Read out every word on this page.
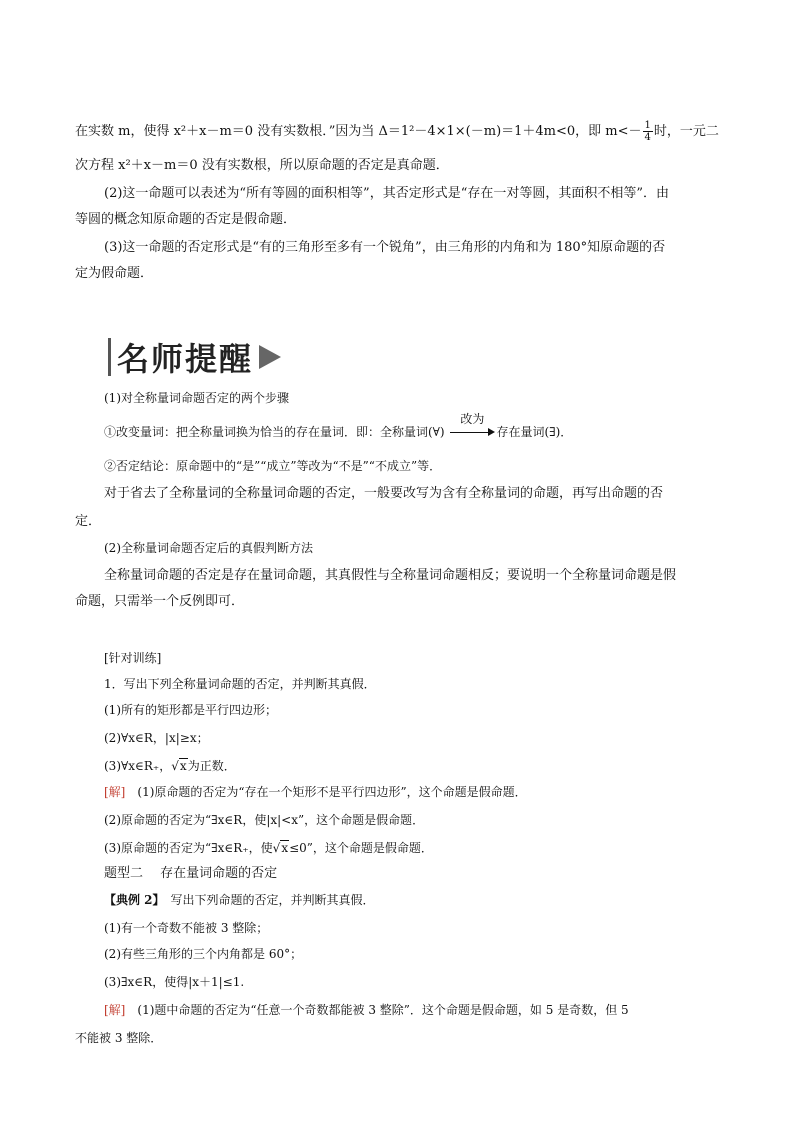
在实数 m，使得 x²＋x－m＝0 没有实数根．”因为当 Δ＝1²－4×1×(－m)＝1＋4m<0，即 $m<- \frac{1}{4}$ 时，一元二
次方程 x²＋x－m＝0 没有实数根，所以原命题的否定是真命题．
(2)这一命题可以表述为“所有等圆的面积相等”，其否定形式是“存在一对等圆，其面积不相等”．由
等圆的概念知原命题的否定是假命题．
(3)这一命题的否定形式是“有的三角形至多有一个锐角”，由三角形的内角和为 180°知原命题的否
定为假命题．
名师提醒
(1)对全称量词命题否定的两个步骤
①改变量词：把全称量词换为恰当的存在量词．即：全称量词(∀)
改为
存在量词(∃)．
②否定结论：原命题中的“是”“成立”等改为“不是”“不成立”等．
对于省去了全称量词的全称量词命题的否定，一般要改写为含有全称量词的命题，再写出命题的否
定．
(2)全称量词命题否定后的真假判断方法
全称量词命题的否定是存在量词命题，其真假性与全称量词命题相反；要说明一个全称量词命题是假
命题，只需举一个反例即可．
[针对训练]
1．写出下列全称量词命题的否定，并判断其真假．
(1)所有的矩形都是平行四边形；
(2)∀x∈R，|x|≥x；
(3)∀x∈R₊，√x为正数．
[解]　 (1)原命题的否定为“存在一个矩形不是平行四边形”，这个命题是假命题．
(2)原命题的否定为“∃x∈R，使|x|<x”，这个命题是假命题．
(3)原命题的否定为“∃x∈R₊，使√x≤0”，这个命题是假命题．
题型二　 存在量词命题的否定
【典例 2】　 写出下列命题的否定，并判断其真假．
(1)有一个奇数不能被 3 整除；
(2)有些三角形的三个内角都是 60°；
(3)∃x∈R，使得|x＋1|≤1.
[解]　 (1)题中命题的否定为“任意一个奇数都能被 3 整除”．这个命题是假命题，如 5 是奇数，但 5
不能被 3 整除．
